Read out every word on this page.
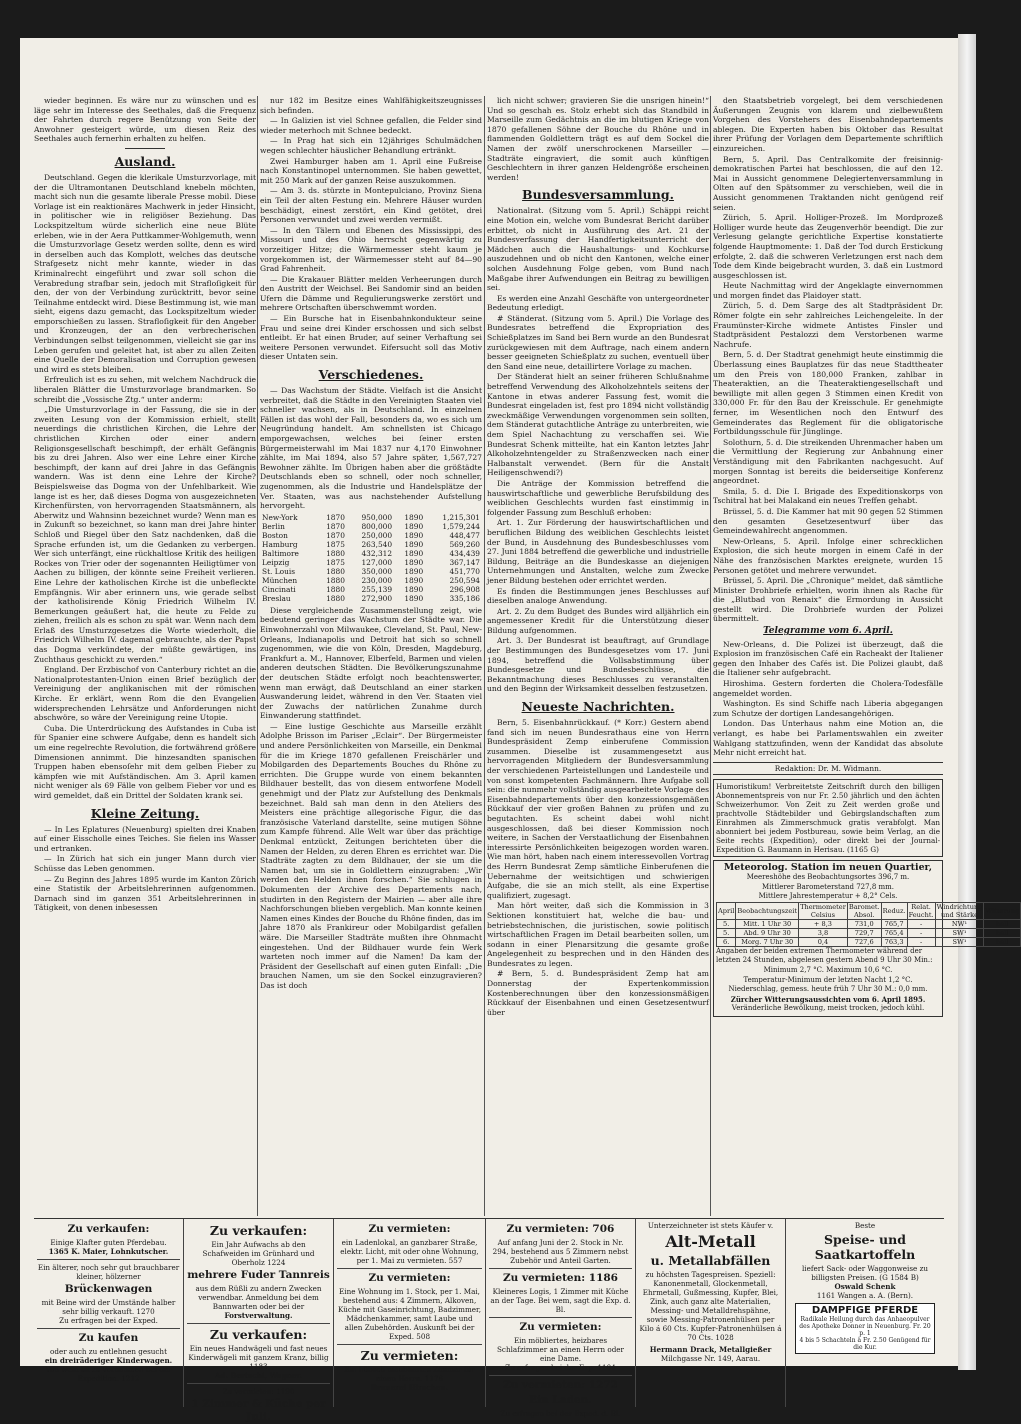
wieder beginnen. Es wäre nur zu wünschen und es läge sehr im Interesse des Seethales, daß die Frequenz der Fahrten durch regere Benützung von Seite der Anwohner gesteigert würde, um diesen Reiz des Seethales auch fernerhin erhalten zu helfen.

Ausland.

Deutschland. Gegen die klerikale Umsturzvorlage, mit der die Ultramontanen Deutschland knebeln möchten, macht sich nun die gesamte liberale Presse mobil. Diese Vorlage ist ein reaktionäres Machwerk in jeder Hinsicht, in politischer wie in religiöser Beziehung. Das Lockspitzeltum würde sicherlich eine neue Blüte erleben, wie in der Aera Puttkammer-Wohlgemuth, wenn die Umsturzvorlage Gesetz werden sollte, denn es wird in derselben auch das Komplott, welches das deutsche Strafgesetz nicht mehr kannte, wieder in das Kriminalrecht eingeführt und zwar soll schon die Verabredung strafbar sein, jedoch mit Strafloſigkeit für den, der von der Verbindung zurücktritt, bevor seine Teilnahme entdeckt wird. Diese Bestimmung ist, wie man sieht, eigens dazu gemacht, das Lockspitzeltum wieder emporschießen zu lassen. Strafloſigkeit für den Angeber und Kronzeugen, der an den verbrecherischen Verbindungen selbst teilgenommen, vielleicht sie gar ins Leben gerufen und geleitet hat, ist aber zu allen Zeiten eine Quelle der Demoralisation und Corruption gewesen und wird es stets bleiben.

Erfreulich ist es zu sehen, mit welchem Nachdruck die liberalen Blätter die Umsturzvorlage brandmarken. So schreibt die „Vossische Ztg.“ unter anderm:

„Die Umsturzvorlage in der Fassung, die sie in der zweiten Lesung von der Kommission erhielt, stellt neuerdings die christlichen Kirchen, die Lehre der christlichen Kirchen oder einer andern Religionsgesellschaft beschimpft, der erhält Gefängnis bis zu drei Jahren. Also wer eine Lehre einer Kirche beschimpft, der kann auf drei Jahre in das Gefängnis wandern. Was ist denn eine Lehre der Kirche? Beispielsweise das Dogma von der Unfehlbarkeit. Wie lange ist es her, daß dieses Dogma von ausgezeichneten Kirchenfürsten, von hervorragenden Staatsmännern, als Aberwitz und Wahnsinn bezeichnet wurde? Wenn man es in Zukunft so bezeichnet, so kann man drei Jahre hinter Schloß und Riegel über den Satz nachdenken, daß die Sprache erfunden ist, um die Gedanken zu verbergen. Wer sich unterfängt, eine rückhaltlose Kritik des heiligen Rockes von Trier oder der sogenannten Heiligtümer von Aachen zu billigen, der könnte seine Freiheit verlieren. Eine Lehre der katholischen Kirche ist die unbefleckte Empfängnis. Wir aber erinnern uns, wie gerade selbst der katholisirende König Friedrich Wilhelm IV. Bemerkungen geäußert hat, die heute zu Felde zu ziehen, freilich als es schon zu spät war. Wenn nach dem Erlaß des Umsturzgesetzes die Worte wiederholt, die Friedrich Wilhelm IV. dagemal gebrauchte, als der Papst das Dogma verkündete, der müßte gewärtigen, ins Zuchthaus geschickt zu werden.“

England. Der Erzbischof von Canterbury richtet an die Nationalprotestanten-Union einen Brief bezüglich der Vereinigung der anglikanischen mit der römischen Kirche. Er erklärt, wenn Rom die den Evangelien widersprechenden Lehrsätze und Anforderungen nicht abschwöre, so wäre der Vereinigung reine Utopie.

Cuba. Die Unterdrückung des Aufstandes in Cuba ist für Spanier eine schwere Aufgabe, denn es handelt sich um eine regelrechte Revolution, die fortwährend größere Dimensionen annimmt. Die hinzesandten spanischen Truppen haben ebensoſehr mit dem gelben Fieber zu kämpfen wie mit Aufständischen. Am 3. April kamen nicht weniger als 69 Fälle von gelbem Fieber vor und es wird gemeldet, daß ein Drittel der Soldaten krank sei.

Kleine Zeitung.

— In Les Eplatures (Neuenburg) spielten drei Knaben auf einer Eisscholle eines Teiches. Sie fielen ins Wasser und ertranken.

— In Zürich hat sich ein junger Mann durch vier Schüsse das Leben genommen.

— Zu Beginn des Jahres 1895 wurde im Kanton Zürich eine Statistik der Arbeitslehrerinnen aufgenommen. Darnach sind im ganzen 351 Arbeitslehrerinnen in Tätigkeit, von denen inbesessen

nur 182 im Besitze eines Wahlfähigkeitszeugnisses sich befinden.

— In Galizien ist viel Schnee gefallen, die Felder sind wieder meterhoch mit Schnee bedeckt.

— In Prag hat sich ein 12jähriges Schulmädchen wegen schlechter häuslicher Behandlung ertränkt.

Zwei Hamburger haben am 1. April eine Fußreise nach Konstantinopel unternommen. Sie haben gewettet, mit 250 Mark auf der ganzen Reise auszukommen.

— Am 3. ds. stürzte in Montepulciano, Provinz Siena ein Teil der alten Festung ein. Mehrere Häuser wurden beschädigt, einest zerstört, ein Kind getötet, drei Personen verwundet und zwei werden vermißt.

— In den Tälern und Ebenen des Mississippi, des Missouri und des Ohio herrscht gegenwärtig zu vorzeitiger Hitze; die Wärmemesser steht kaum je vorgekommen ist, der Wärmemesser steht auf 84—90 Grad Fahrenheit.

— Die Krakauer Blätter melden Verheerungen durch den Austritt der Weichsel. Bei Sandomir sind an beiden Ufern die Dämme und Regulierungswerke zerstört und mehrere Ortschaften überschwemmt worden.

— Ein Bursche hat in Eisenbahnkondukteur seine Frau und seine drei Kinder erschossen und sich selbst entleibt. Er hat einen Bruder, auf seiner Verhaftung sei weitere Personen verwundet. Eifersucht soll das Motiv dieser Untaten sein.

Verschiedenes.

— Das Wachstum der Städte. Vielfach ist die Ansicht verbreitet, daß die Städte in den Vereinigten Staaten viel schneller wachsen, als in Deutschland. In einzelnen Fällen ist das wohl der Fall, besonders da, wo es sich um Neugründung handelt. Am schnellsten ist Chicago emporgewachsen, welches bei ſeiner ersten Bürgermeisterwahl im Mai 1837 nur 4,170 Einwohner zählte, im Mai 1894, also 57 Jahre später, 1,567,727 Bewohner zählte. Im Übrigen haben aber die größtädte Deutschlands eben so schnell, oder noch schneller, zugenommen, als die Industrie und Handelsplätze der Ver. Staaten, was aus nachstehender Aufstellung hervorgeht.

New-York	1870	950,000	1890	1,215,301
Berlin	1870	800,000	1890	1,579,244
Boston	1870	250,000	1890	448,477
Hamburg	1875	263,540	1890	569,260
Baltimore	1880	432,312	1890	434,439
Leipzig	1875	127,000	1890	367,147
St. Louis	1880	350,000	1890	451,770
München	1880	230,000	1890	250,594
Cincinati	1880	255,139	1890	296,908
Breslau	1880	272,900	1890	335,186

Diese vergleichende Zusammenstellung zeigt, wie bedeutend geringer das Wachstum der Städte war. Die Einwohnerzahl von Milwaukee, Cleveland, St. Paul, New-Orleans, Indianapolis und Detroit hat sich so schnell zugenommen, wie die von Köln, Dresden, Magdeburg, Frankfurt a. M., Hannover, Elberfeld, Barmen und vielen anderen deutschen Städten. Die Bevölkerungszunahme der deutschen Städte erfolgt noch beachtenswerter, wenn man erwägt, daß Deutschland an einer starken Auswanderung leidet, während in den Ver. Staaten viel der Zuwachs der natürlichen Zunahme durch Einwanderung stattfindet.

— Eine lustige Geschichte aus Marseille erzählt Adolphe Brisson im Pariser „Eclair“. Der Bürgermeister und andere Persönlichkeiten von Marseille, ein Denkmal für die im Kriege 1870 gefallenen Freischärler und Mobilgarden des Departements Bouches du Rhône zu errichten. Die Gruppe wurde von einem bekannten Bildhauer bestellt, das von diesem entworfene Modell genehmigt und der Platz zur Aufstellung des Denkmals bezeichnet. Bald sah man denn in den Ateliers des Meisters eine prächtige allegorische Figur, die das französische Vaterland darstellte, seine mutigen Söhne zum Kampfe führend. Alle Welt war über das prächtige Denkmal entzückt, Zeitungen berichteten über die Namen der Helden, zu deren Ehren es errichtet war. Die Stadträte zagten zu dem Bildhauer, der sie um die Namen bat, um sie in Goldlettern einzugraben: „Wir werden den Helden ihnen forschen.“ Sie schlugen in Dokumenten der Archive des Departements nach, studirten in den Registern der Mairien — aber alle ihre Nachforschungen blieben vergeblich. Man konnte keinen Namen eines Kindes der Bouche du Rhône finden, das im Jahre 1870 als Frankireur oder Mobilgardist gefallen wäre. Die Marseiller Stadträte mußten ihre Ohnmacht eingestehen. Und der Bildhauer wurde fein Werk warteten noch immer auf die Namen! Da kam der Präsident der Gesellschaft auf einen guten Einfall: „Die brauchen Namen, um sie den Sockel einzugravieren? Das ist doch

lich nicht schwer; gravieren Sie die unsrigen hinein!“ Und so geschah es. Stolz erhebt sich das Standbild in Marseille zum Gedächtnis an die im blutigen Kriege von 1870 gefallenen Söhne der Bouche du Rhône und in flammenden Goldlettern trägt es auf dem Sockel die Namen der zwölf unerschrockenen Marseiller — Stadträte eingraviert, die somit auch künftigen Geschlechtern in ihrer ganzen Heldengröße erscheinen werden!

Bundesversammlung.

Nationalrat. (Sitzung vom 5. April.) Schäppi reicht eine Motion ein, welche vom Bundesrat Bericht darüber erbittet, ob nicht in Ausführung des Art. 21 der Bundesverfassung der Handfertigkeitsunterricht der Mädchen auch die Haushaltungs- und Kochkurse auszudehnen und ob nicht den Kantonen, welche einer solchen Ausdehnung Folge geben, vom Bund nach Maßgabe ihrer Aufwendungen ein Beitrag zu bewilligen sei.

Es werden eine Anzahl Geschäfte von untergeordneter Bedeutung erledigt.

# Ständerat. (Sitzung vom 5. April.) Die Vorlage des Bundesrates betreffend die Expropriation des Schießplatzes im Sand bei Bern wurde an den Bundesrat zurückgewiesen mit dem Auftrage, nach einem andern besser geeigneten Schießplatz zu suchen, eventuell über den Sand eine neue, detaillirtere Vorlage zu machen.

Der Ständerat hielt an seiner früheren Schlußnahme betreffend Verwendung des Alkoholzehntels seitens der Kantone in etwas anderer Fassung fest, womit die Bundesrat eingeladen ist, fest pro 1894 nicht vollständig zweckmäßige Verwendungen vorgenommen sein sollten, dem Ständerat gutachtliche Anträge zu unterbreiten, wie dem Spiel Nachachtung zu verschaffen sei. Wie Bundesrat Schenk mitteilte, hat ein Kanton letztes Jahr Alkoholzehntengelder zu Straßenzwecken nach einer Halbanstalt verwendet. (Bern für die Anstalt Heiligenschwendi?)

Die Anträge der Kommission betreffend die hauswirtschaftliche und gewerbliche Berufsbildung des weiblichen Geschlechts wurden fast einstimmig in folgender Fassung zum Beschluß erhoben:

Art. 1. Zur Förderung der hauswirtschaftlichen und beruflichen Bildung des weiblichen Geschlechts leistet der Bund, in Ausdehnung des Bundesbeschlusses vom 27. Juni 1884 betreffend die gewerbliche und industrielle Bildung, Beiträge an die Bundeskasse an diejenigen Unternehmungen und Anstalten, welche zum Zwecke jener Bildung bestehen oder errichtet werden.

Es finden die Bestimmungen jenes Beschlusses auf dieselben analoge Anwendung.

Art. 2. Zu dem Budget des Bundes wird alljährlich ein angemessener Kredit für die Unterstützung dieser Bildung aufgenommen.

Art. 3. Der Bundesrat ist beauftragt, auf Grundlage der Bestimmungen des Bundesgesetzes vom 17. Juni 1894, betreffend die Vollsabstimmung über Bundesgesetze und Bundesbeschlüsse, die Bekanntmachung dieses Beschlusses zu veranstalten und den Beginn der Wirksamkeit desselben festzusetzen.

Neueste Nachrichten.

Bern, 5. Eisenbahnrückkauf. (* Korr.) Gestern abend fand sich im neuen Bundesrathaus eine von Herrn Bundespräsident Zemp einberufene Commission zusammen. Dieselbe ist zusammengesetzt aus hervorragenden Mitgliedern der Bundesversammlung der verschiedenen Parteistellungen und Landesteile und von sonst kompetenten Fachmännern. Ihre Aufgabe soll sein: die nunmehr vollständig ausgearbeitete Vorlage des Eisenbahndepartements über den konzessionsgemäßen Rückkauf der vier großen Bahnen zu prüfen und zu begutachten. Es scheint dabei wohl nicht ausgeschlossen, daß bei dieser Kommission noch weitere, in Sachen der Verstaatlichung der Eisenbahnen interessirte Persönlichkeiten beigezogen worden waren. Wie man hört, haben nach einem interessevollen Vortrag des Herrn Bundesrat Zemp sämtliche Einberufenen die Uebernahme der weitsichtigen und schwierigen Aufgabe, die sie an mich stellt, als eine Expertise qualifiziert, zugesagt.

Man hört weiter, daß sich die Kommission in 3 Sektionen konstituiert hat, welche die bau- und betriebstechnischen, die juristischen, sowie politisch wirtschaftlichen Fragen im Detail bearbeiten sollen, um sodann in einer Plenarsitzung die gesamte große Angelegenheit zu besprechen und in den Händen des Bundesrates zu legen.

# Bern, 5. d. Bundespräsident Zemp hat am Donnerstag der Expertenkommission Kostenberechnungen über den konzessionsmäßigen Rückkauf der Eisenbahnen und einen Gesetzesentwurf über

den Staatsbetrieb vorgelegt, bei dem verschiedenen Äußerungen Zeugnis von klarem und zielbewußtem Vorgehen des Vorstehers des Eisenbahndepartements ablegen. Die Experten haben bis Oktober das Resultat ihrer Prüfung der Vorlagen dem Departemente schriftlich einzureichen.

Bern, 5. April. Das Centralkomite der freisinnig-demokratischen Partei hat beschlossen, die auf den 12. Mai in Aussicht genommene Delegiertenversammlung in Olten auf den Spätsommer zu verschieben, weil die in Aussicht genommenen Traktanden nicht genügend reif seien.

Zürich, 5. April. Holliger-Prozeß. Im Mordprozeß Holliger wurde heute das Zeugenverhör beendigt. Die zur Verlesung gelangte gerichtliche Expertise konstatierte folgende Hauptmomente: 1. Daß der Tod durch Erstickung erfolgte, 2. daß die schweren Verletzungen erst nach dem Tode dem Kinde beigebracht wurden, 3. daß ein Lustmord ausgeschlossen ist.

Heute Nachmittag wird der Angeklagte einvernommen und morgen findet das Plaidoyer statt.

Zürich, 5. d. Dem Sarge des alt Stadtpräsident Dr. Römer folgte ein sehr zahlreiches Leichengeleite. In der Fraumünster-Kirche widmete Antistes Finsler und Stadtpräsident Pestalozzi dem Verstorbenen warme Nachrufe.

Bern, 5. d. Der Stadtrat genehmigt heute einstimmig die Überlassung eines Bauplatzes für das neue Stadttheater um den Preis von 180,000 Franken, zahlbar in Theateraktien, an die Theateraktiengesellschaft und bewilligte mit allen gegen 3 Stimmen einen Kredit von 330,000 Fr. für den Bau der Kreisschule. Er genehmigte ferner, im Wesentlichen noch den Entwurf des Gemeinderates das Reglement für die obligatorische Fortbildungsschule für Jünglinge.

Solothurn, 5. d. Die streikenden Uhrenmacher haben um die Vermittlung der Regierung zur Anbahnung einer Verständigung mit den Fabrikanten nachgesucht. Auf morgen Sonntag ist bereits die beiderseitige Konferenz angeordnet.

Smila, 5. d. Die I. Brigade des Expeditionskorps von Tschitral hat bei Malakand ein neues Treffen gehabt.

Brüssel, 5. d. Die Kammer hat mit 90 gegen 52 Stimmen den gesamten Gesetzesentwurf über das Gemeindewahlrecht angenommen.

New-Orleans, 5. April. Infolge einer schrecklichen Explosion, die sich heute morgen in einem Café in der Nähe des französischen Marktes ereignete, wurden 15 Personen getötet und mehrere verwundet.

Brüssel, 5. April. Die „Chronique“ meldet, daß sämtliche Minister Drohbriefe erhielten, worin ihnen als Rache für die „Blutbad von Renaix“ die Ermordung in Aussicht gestellt wird. Die Drohbriefe wurden der Polizei übermittelt.

Telegramme vom 6. April.

New-Orleans, d. Die Polizei ist überzeugt, daß die Explosion im französischen Café ein Racheakt der Italiener gegen den Inhaber des Cafés ist. Die Polizei glaubt, daß die Italiener sehr aufgebracht.

Hiroshima. Gestern forderten die Cholera-Todesfälle angemeldet worden.

Washington. Es sind Schiffe nach Liberia abgegangen zum Schutze der dortigen Landesangehörigen.

London. Das Unterhaus nahm eine Motion an, die verlangt, es habe bei Parlamentswahlen ein zweiter Wahlgang stattzufinden, wenn der Kandidat das absolute Mehr nicht erreicht hat.

Redaktion: Dr. M. Widmann.
Humoristikum! Verbreitetste Zeitschrift durch den billigen Abonnementspreis von nur Fr. 2.50 jährlich und den ächten Schweizerhumor. Von Zeit zu Zeit werden große und prachtvolle Städtebilder und Gebirgslandschaften zum Einrahmen als Zimmerschmuck gratis verabfolgt. Man abonniert bei jedem Postbureau, sowie beim Verlag, an die Seite rechts (Expedition), oder direkt bei der Journal-Expedition G. Baumann in Herisau. (1165 G)
Meteorolog. Station im neuen Quartier,
Meereshöhe des Beobachtungsortes 396,7 m.
Mittlerer Barometerstand 727,8 mm.
Mittlere Jahrestemperatur + 8,2° Cels.
April	Beobachtungszeit	Thermometer Celsius	Baromet. Absol.	Reduz.	Relat. Feucht.	Windrichtung und Stärke	Witterung
5.	Mitt. 1 Uhr 30	+ 8,3	731,0	765,7	-	NW¹	hell
5.	Abd. 9 Uhr 30	3,8	729,7	765,4	-	SW¹	hell
6.	Morg. 7 Uhr 30	0,4	727,6	763,3	-	SW¹	hell
Angaben der beiden extremen Thermometer während der letzten 24 Stunden, abgelesen gestern Abend 9 Uhr 30 Min.:
Minimum 2,7 °C. Maximum 10,6 °C.
Temperatur-Minimum der letzten Nacht 1,2 °C.
Niederschlag, gemess. heute früh 7 Uhr 30 M.: 0,0 mm.
Zürcher Witterungsaussichten vom 6. April 1895.
Veränderliche Bewölkung, meist trocken, jedoch kühl.
Zu verkaufen:
Einige Klafter guten Pferdebau.
1365 K. Maier, Lohnkutscher.
Ein älterer, noch sehr gut brauchbarer kleiner, hölzerner
Brückenwagen
mit Beine wird der Umstände halber sehr billig verkauft. 1270
Zu erfragen bei der Exped.
Zu kaufen
oder auch zu entlehnen gesucht
ein dreiräderiger Kinderwagen.
Von wem ist zu vernehmen bei der Expedition. 1212
Zu verkaufen:
Ein Jahr Aufwachs ab den Schafweiden im Grünhard und Oberholz 1224
mehrere Fuder Tannreis
aus dem Rüßli zu andern Zwecken verwendbar. Anmeldung bei dem Bannwarten oder bei der
Forstverwaltung.
Zu verkaufen:
Ein neues Handwägeli und fast neues Kinderwägeli mit ganzem Kranz, billig 1183
Ad. Bertschi, Wagner.
Zu vermieten: 1190
1 Zimmer & Küche per Juli.
Zu vermieten:
ein Ladenlokal, an ganzbarer Straße, elektr. Licht, mit oder ohne Wohnung, per 1. Mai zu vermieten. 557
Zu vermieten:
Eine Wohnung im 1. Stock, per 1. Mai, bestehend aus: 4 Zimmern, Alkoven, Küche mit Gaseinrichtung, Badzimmer, Mädchenkammer, samt Laube und allen Zubehörden. Auskunft bei der Exped. 508
Zu vermieten:
Ein hübsch meubliertes Zimmer für einen Herrn. 1176
Brauerei Hirschen.
Zu vermieten: 706
Auf anfang Juni der 2. Stock in Nr. 294, bestehend aus 5 Zimmern nebst Zubehör und Anteil Garten.
Zu vermieten: 1186
Kleineres Logis, 1 Zimmer mit Küche an der Tage. Bei wem, sagt die Exp. d. Bl.
Zu vermieten:
Ein möbliertes, heizbares Schlafzimmer an einen Herrn oder eine Dame.
Zu erfragen bei der Exp. 1104
Zu vermieten: 1272
Ein Laden.
Zu erfragen bei der Exped. d. Bl.
Unterzeichneter ist stets Käufer v.
Alt-Metall
u. Metallabfällen
zu höchsten Tagespreisen. Speziell: Kanonenmetall, Glockenmetall, Ehrmetall, Gußmessing, Kupfer, Blei, Zink, auch ganz alte Materialien, Messing- und Metalldrehspähne, sowie Messing-Patronenhülsen per Kilo á 60 Cts. Kupfer-Patronenhülsen á 70 Cts. 1028
Hermann Drack, Metallgießer
Milchgasse Nr. 149, Aarau.
Beste
Speise- und Saatkartoffeln
liefert Sack- oder Waggonweise zu billigsten Preisen. (G 1584 B)
Oswald Schenk
1161 Wangen a. A. (Bern).
DAMPFIGE PFERDE
Radikale Heilung durch das Anhaeopulver des Apotheke Donner in Neuenburg. Fr. 20 p. 1
4 bis 5 Schachteln à Fr. 2.50 Genügend für die Kur.
